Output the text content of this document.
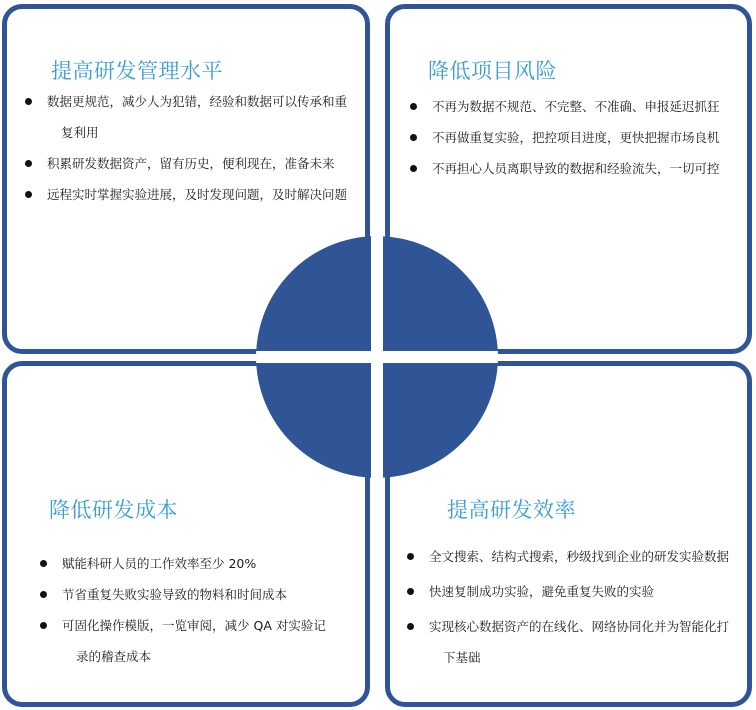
提高研发管理水平
数据更规范，减少人为犯错，经验和数据可以传承和重
复利用
积累研发数据资产，留有历史，便利现在，准备未来
远程实时掌握实验进展，及时发现问题，及时解决问题
降低项目风险
不再为数据不规范、不完整、不准确、申报延迟抓狂
不再做重复实验，把控项目进度，更快把握市场良机
不再担心人员离职导致的数据和经验流失，一切可控
降低研发成本
赋能科研人员的工作效率至少 20%
节省重复失败实验导致的物料和时间成本
可固化操作模版，一览审阅，减少 QA 对实验记
录的稽查成本
提高研发效率
全文搜索、结构式搜索，秒级找到企业的研发实验数据
快速复制成功实验，避免重复失败的实验
实现核心数据资产的在线化、网络协同化并为智能化打
下基础
